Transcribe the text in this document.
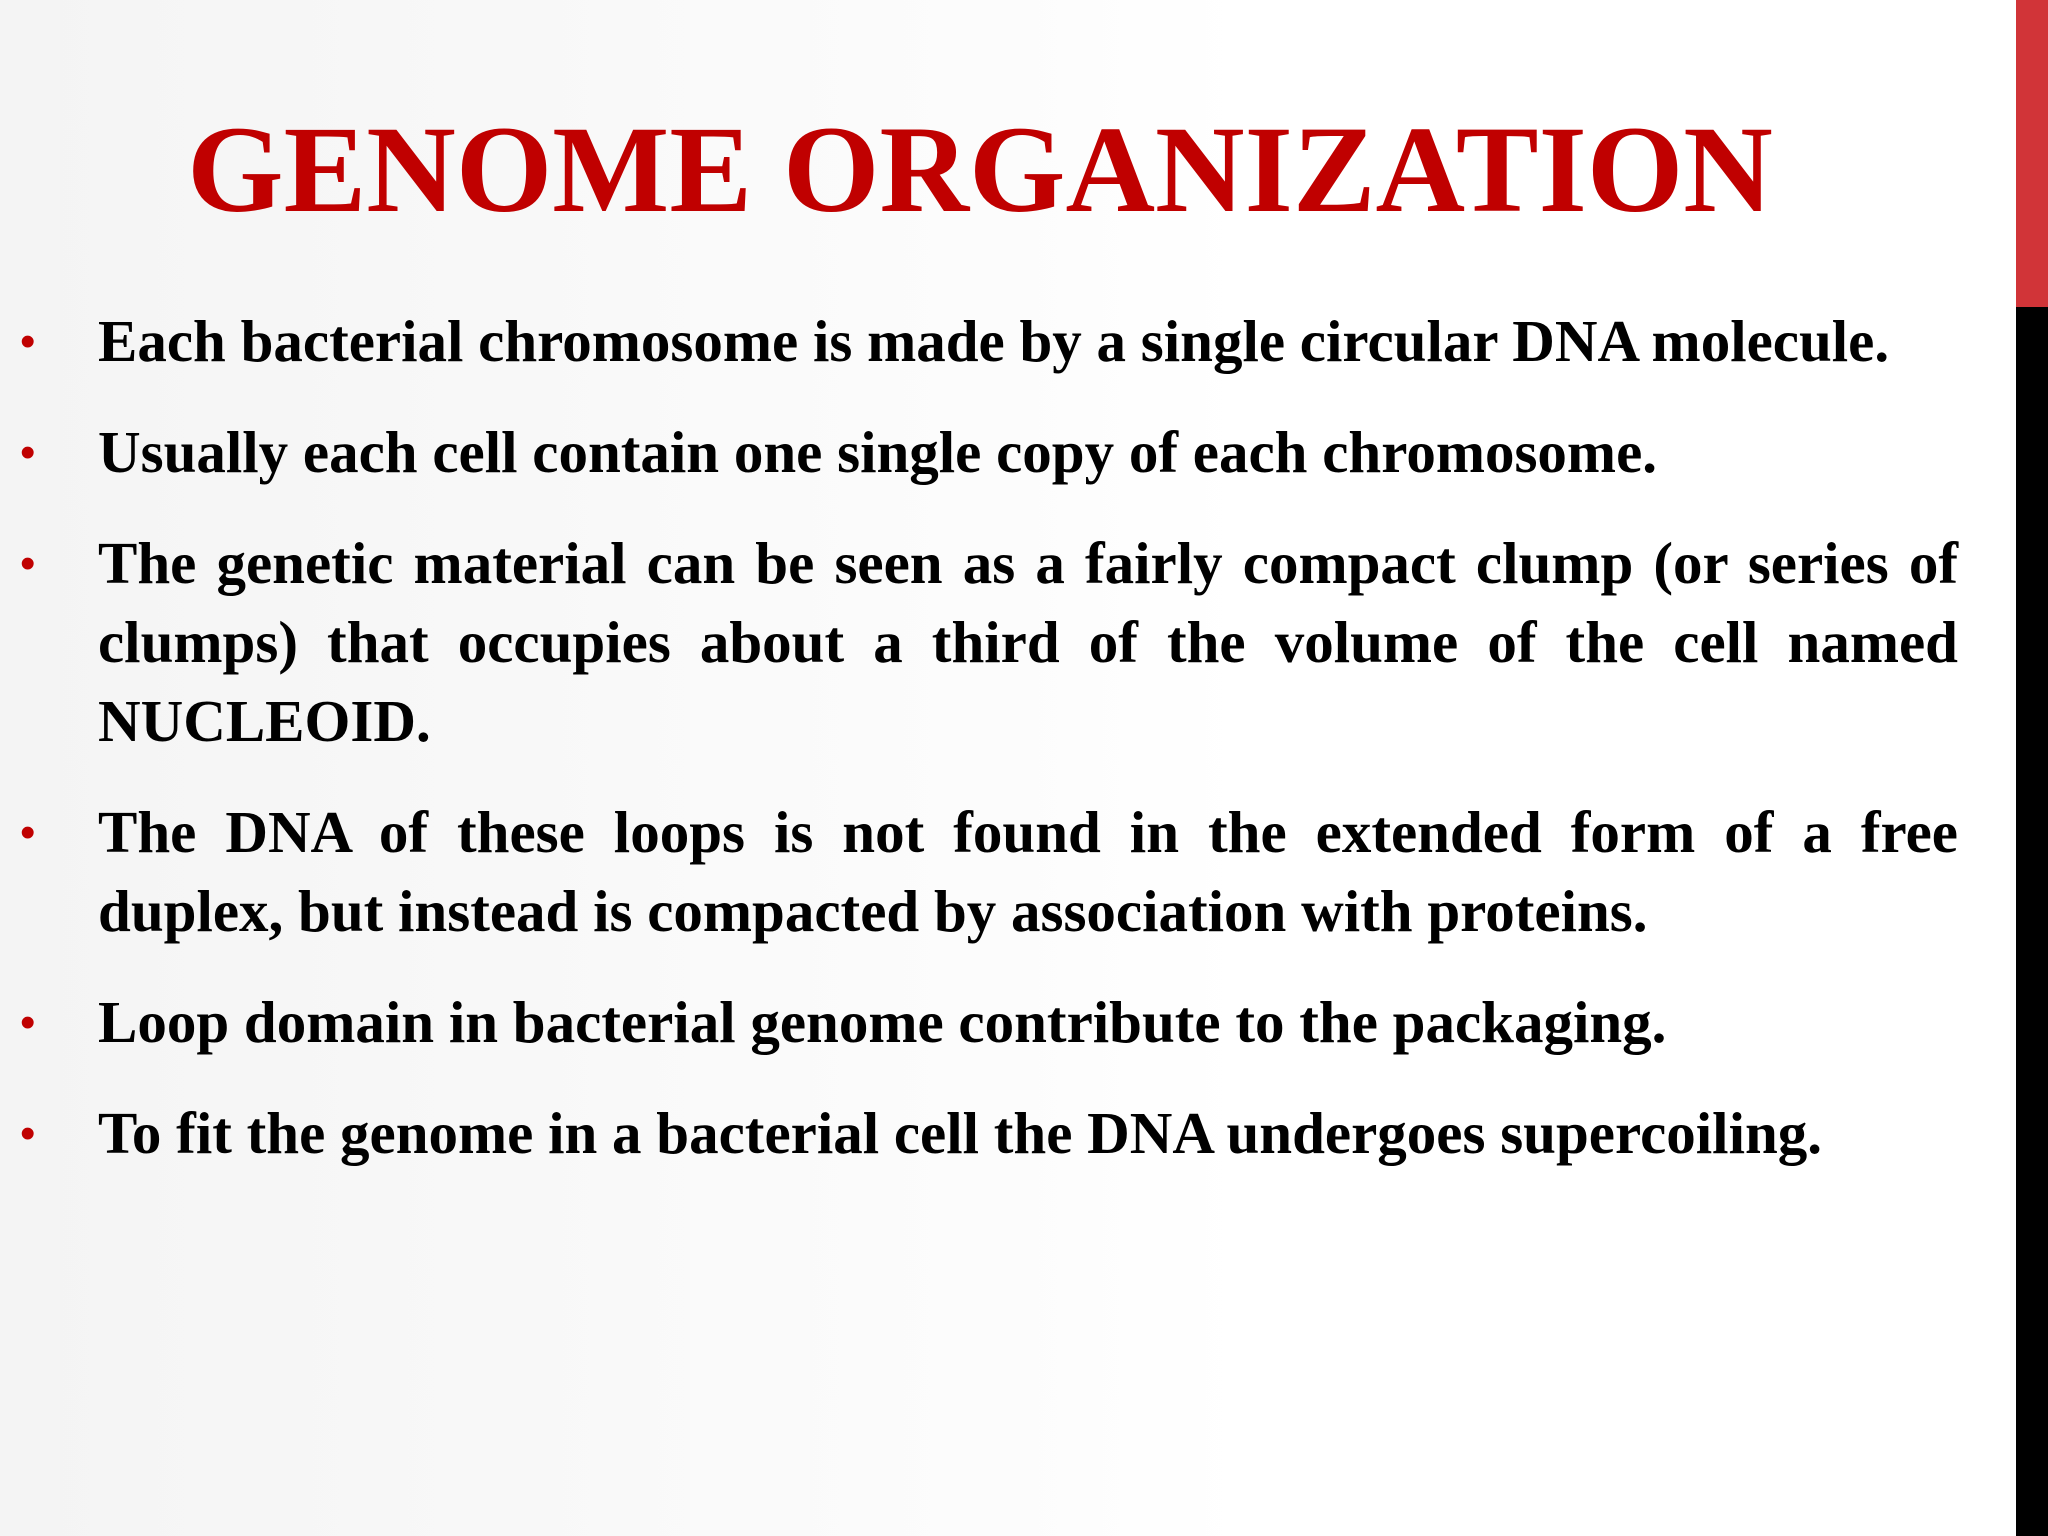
GENOME ORGANIZATION
• Each bacterial chromosome is made by a single circular DNA molecule.
• Usually each cell contain one single copy of each chromosome.
• The genetic material can be seen as a fairly compact clump (or series of clumps) that occupies about a third of the volume of the cell named NUCLEOID.
• The DNA of these loops is not found in the extended form of a free duplex, but instead is compacted by association with proteins.
• Loop domain in bacterial genome contribute to the packaging.
• To fit the genome in a bacterial cell the DNA undergoes supercoiling.
